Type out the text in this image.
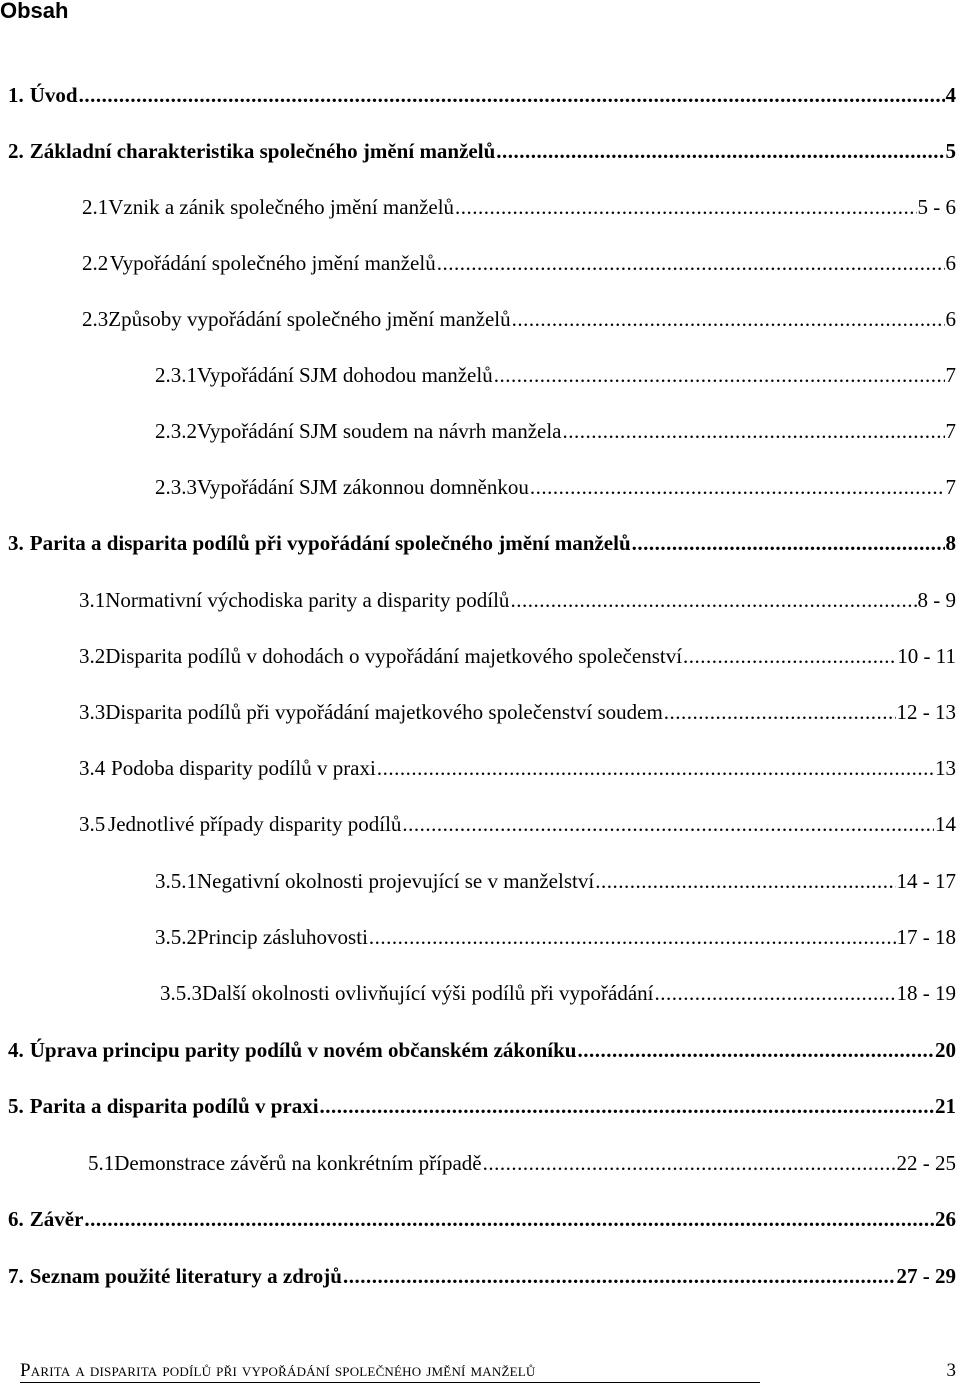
Obsah
1. Úvod .....	4
2. Základní charakteristika společného jmění manželů .....	5
2.1 Vznik a zánik společného jmění manželů .....	5 - 6
2.2 Vypořádání společného jmění manželů .....	6
2.3 Způsoby vypořádání společného jmění manželů .....	6
2.3.1 Vypořádání SJM dohodou manželů .....	7
2.3.2 Vypořádání SJM soudem na návrh manžela .....	7
2.3.3 Vypořádání SJM zákonnou domněnkou .....	7
3. Parita a disparita podílů při vypořádání společného jmění manželů .....	8
3.1 Normativní východiska parity a disparity podílů .....	8 - 9
3.2 Disparita podílů v dohodách o vypořádání majetkového společenství .....	10 - 11
3.3 Disparita podílů při vypořádání majetkového společenství soudem .....	12 - 13
3.4 Podoba disparity podílů v praxi .....	13
3.5 Jednotlivé případy disparity podílů .....	14
3.5.1 Negativní okolnosti projevující se v manželství .....	14 - 17
3.5.2 Princip zásluhovosti .....	17 - 18
3.5.3 Další okolnosti ovlivňující výši podílů při vypořádání .....	18 - 19
4. Úprava principu parity podílů v novém občanském zákoníku .....	20
5. Parita a disparita podílů v praxi .....	21
5.1 Demonstrace závěrů na konkrétním případě .....	22 - 25
6. Závěr .....	26
7. Seznam použité literatury a zdrojů .....	27 - 29
Parita a disparita podílů při vypořádání společného jmění manželů	3
